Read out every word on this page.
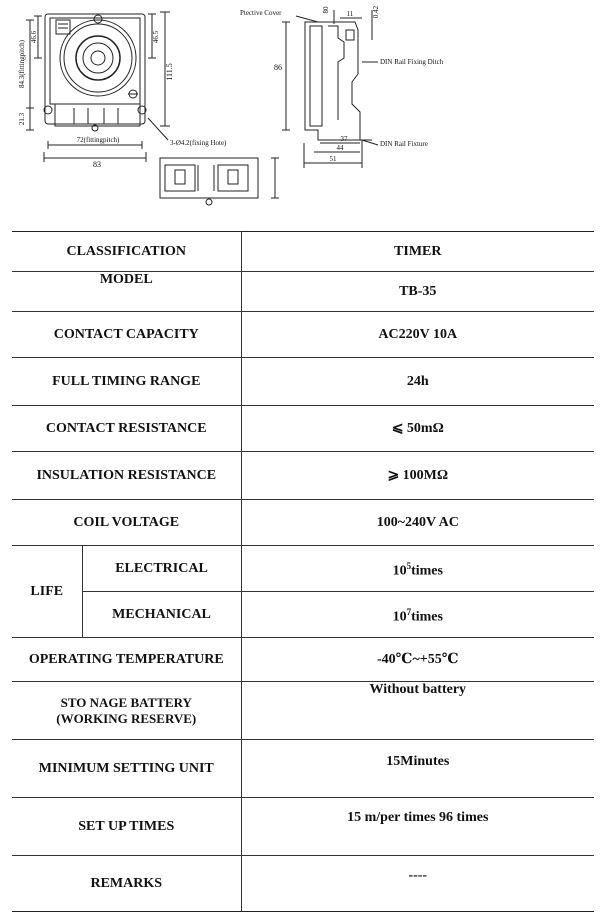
46.6
84.3(fittingpitch)
21.3
46.5
111.5
72(fittingpitch)
83
3-Ø4.2(fixing Hote)
Ptective Cover	80 11	0.42
86
DIN Rail Fixing Ditch
DIN Rail Fixture
37
44
51
CLASSIFICATION		TIMER
MODEL		TB-35
CONTACT CAPACITY		AC220V 10A
FULL TIMING RANGE		24h
CONTACT RESISTANCE		⩽ 50mΩ
INSULATION RESISTANCE		⩾ 100MΩ
COIL VOLTAGE		100~240V AC
LIFE	ELECTRICAL	$10^5times$
	MECHANICAL	$10^7times$
OPERATING TEMPERATURE		-40℃~+55℃

STO NAGE BATTERY
(WORKING RESERVE)		Without battery
MINIMUM SETTING UNIT		15Minutes
SET UP TIMES		15 m/per times 96 times
REMARKS		----
